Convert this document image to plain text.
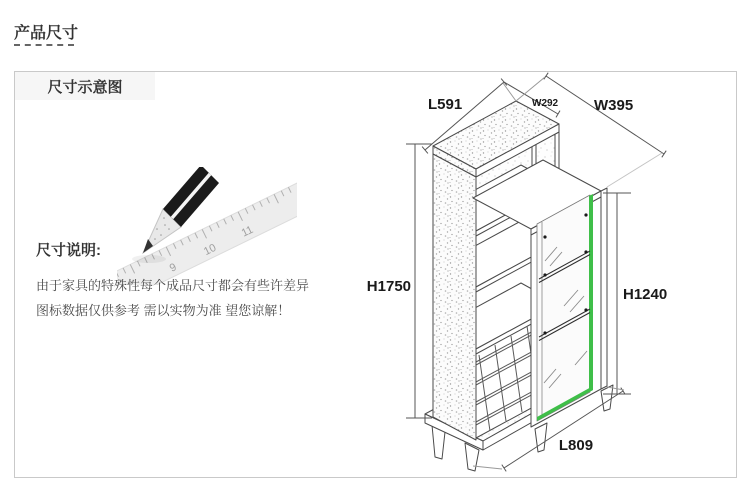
产品尺寸
尺寸示意图
9
10
11
尺寸说明:
由于家具的特殊性每个成品尺寸都会有些许差异
图标数据仅供参考 需以实物为准 望您谅解！
L591	W292 W395
H1750	H1240
L809
